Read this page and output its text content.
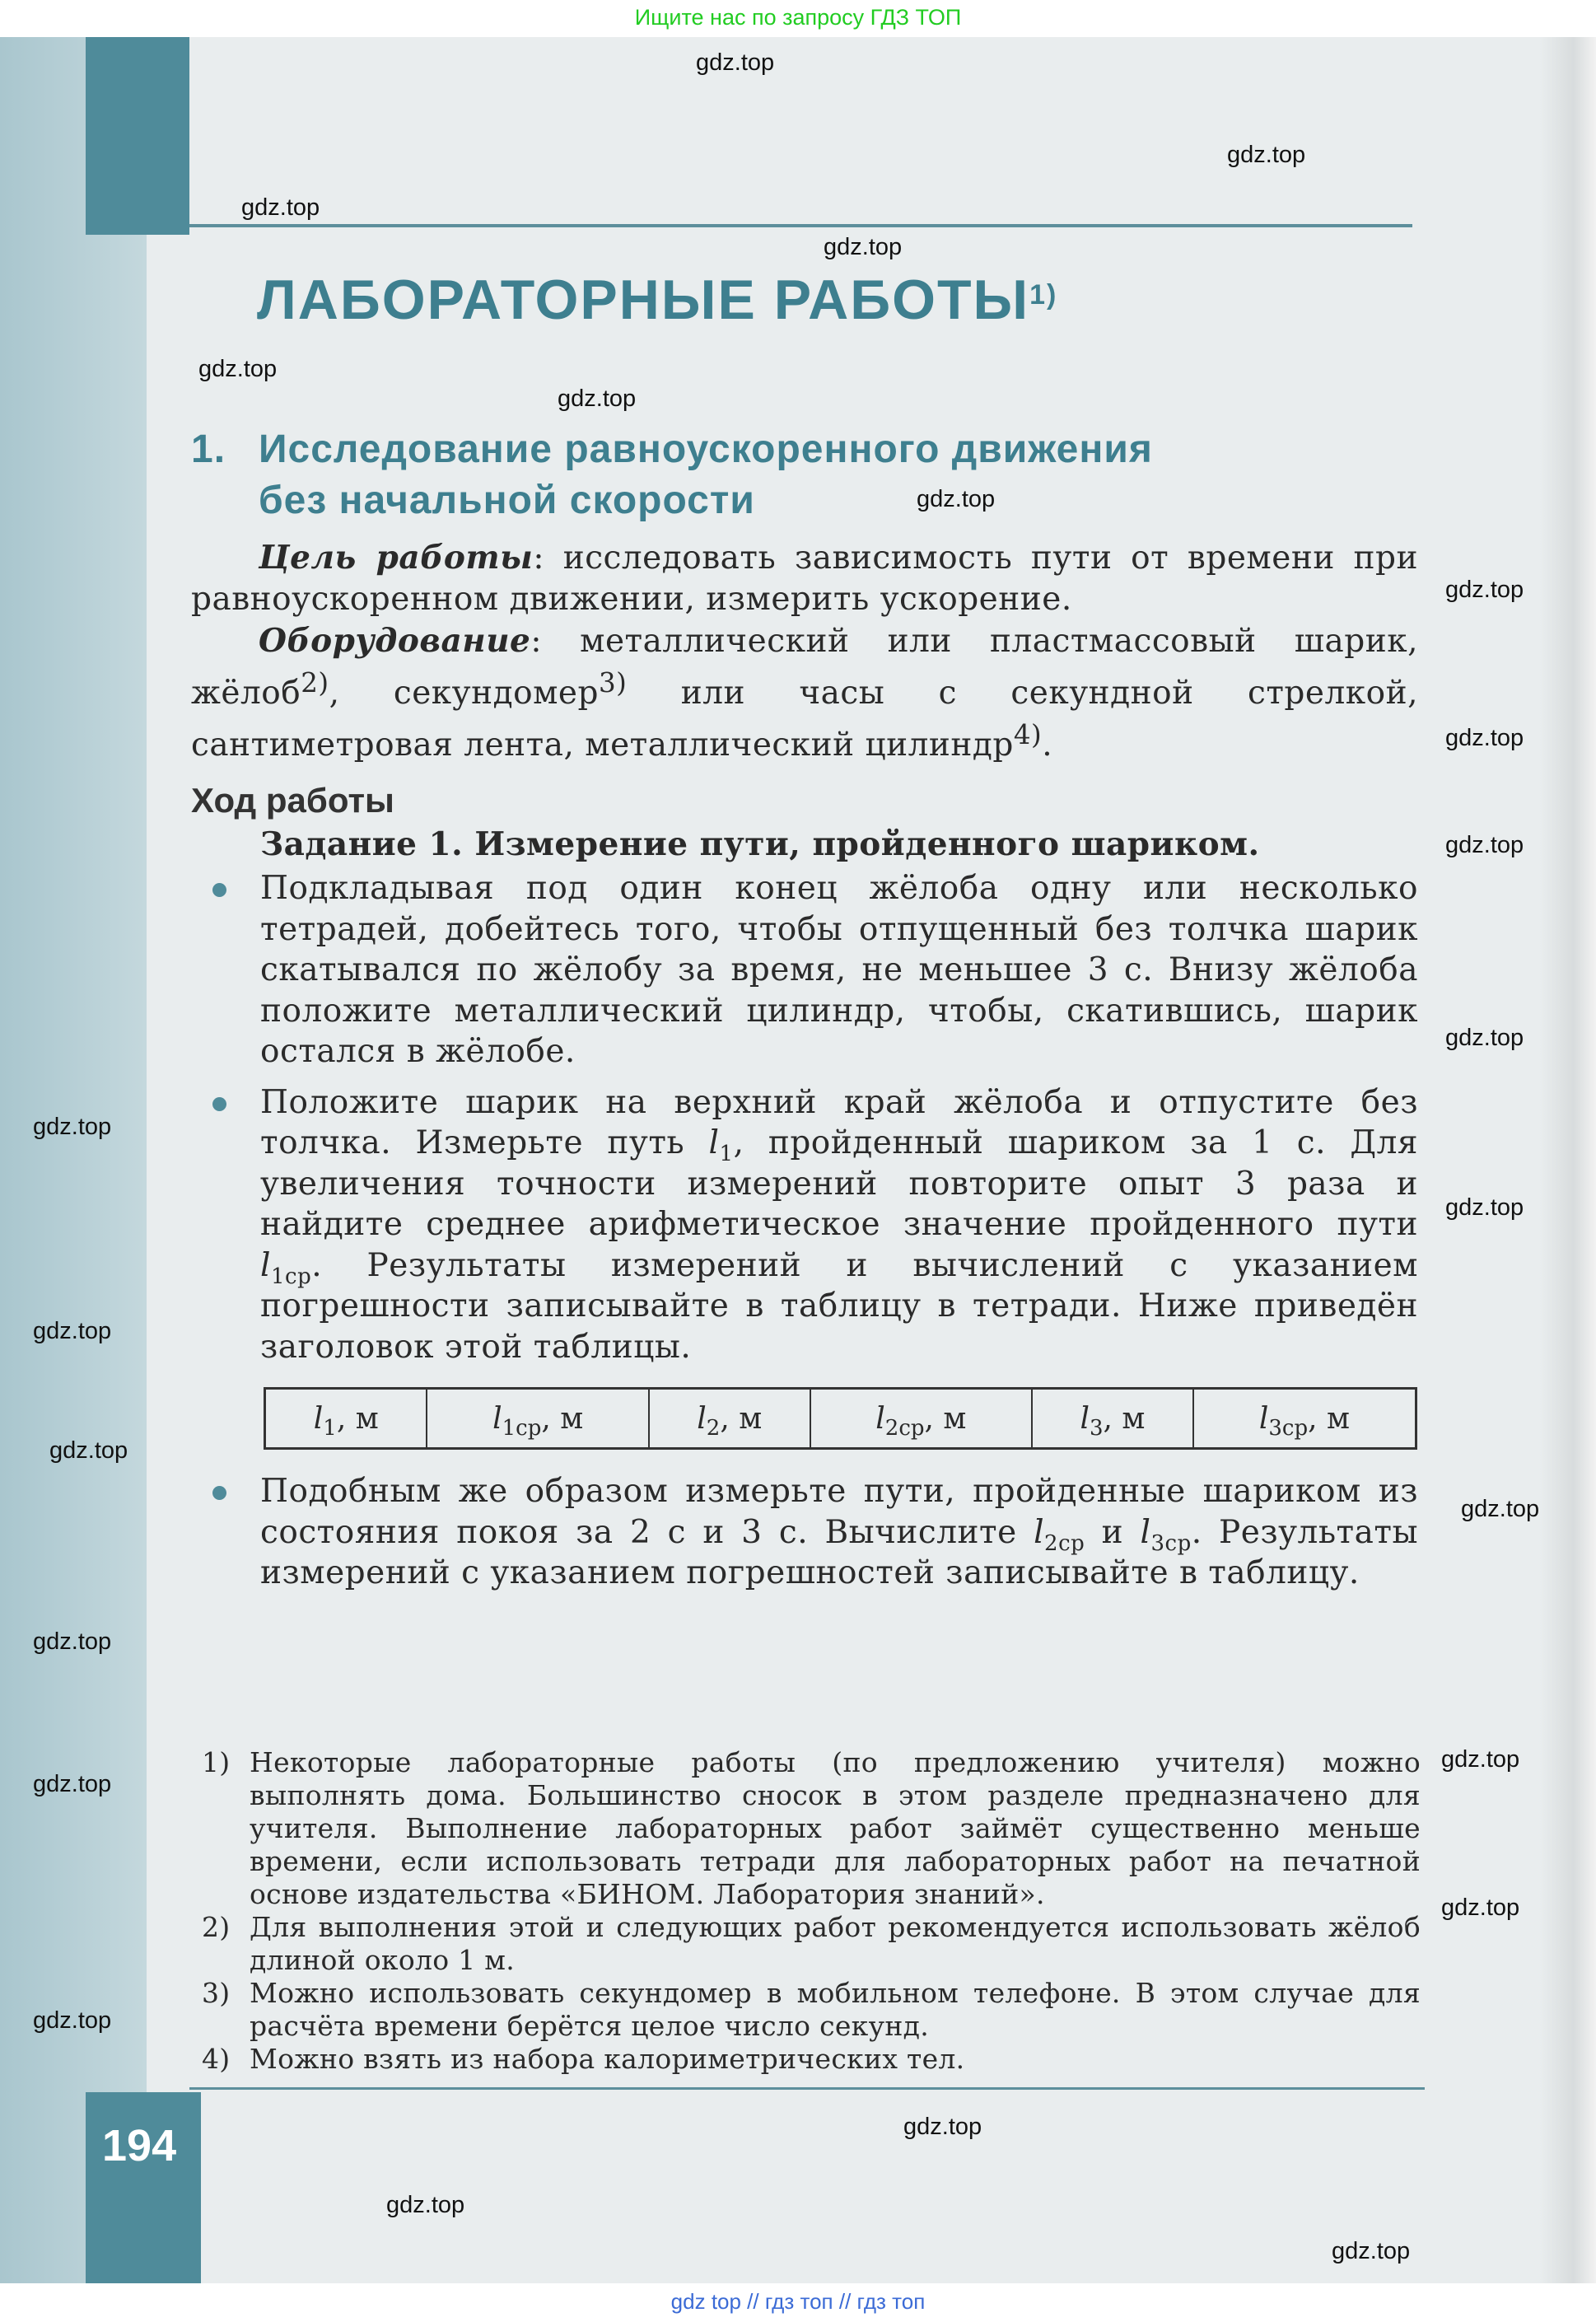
Ищите нас по запросу ГДЗ ТОП
ЛАБОРАТОРНЫЕ РАБОТЫ$^{1)}$
1. Исследование равноускоренного движения
без начальной скорости

Цель работы: исследовать зависимость пути от времени при равноускоренном движении, измерить ускорение.

Оборудование: металлический или пластмассовый шарик, жёлоб$^{2)}$, секундомер$^{3)}$ или часы с секундной стрелкой, сантиметровая лента, металлический цилиндр$^{4)}$.

Ход работы
Задание 1. Измерение пути, пройденного шариком.
Подкладывая под один конец жёлоба одну или несколько тетрадей, добейтесь того, чтобы отпущенный без толчка шарик скатывался по жёлобу за время, не меньшее 3 с. Внизу жёлоба положите металлический цилиндр, чтобы, скатившись, шарик остался в жёлобе.
Положите шарик на верхний край жёлоба и отпустите без толчка. Измерьте путь $l_1$, пройденный шариком за 1 с. Для увеличения точности измерений повторите опыт 3 раза и найдите среднее арифметическое значение пройденного пути $l_{1ср}$. Результаты измерений и вычислений с указанием погрешности записывайте в таблицу в тетради. Ниже приведён заголовок этой таблицы.
$l_1$, м	$l_{1ср}$, м	$l_2$, м	$l_{2ср}$, м	$l_3$, м	$l_{3ср}$, м
Подобным же образом измерьте пути, пройденные шариком из состояния покоя за 2 с и 3 с. Вычислите $l_{2ср}$ и $l_{3ср}$. Результаты измерений с указанием погрешностей записывайте в таблицу.
1) Некоторые лабораторные работы (по предложению учителя) можно выполнять дома. Большинство сносок в этом разделе предназначено для учителя. Выполнение лабораторных работ займёт существенно меньше времени, если использовать тетради для лабораторных работ на печатной основе издательства «БИНОМ. Лаборатория знаний».
2) Для выполнения этой и следующих работ рекомендуется использовать жёлоб длиной около 1 м.
3) Можно использовать секундомер в мобильном телефоне. В этом случае для расчёта времени берётся целое число секунд.
4) Можно взять из набора калориметрических тел.
194
gdz.top
gdz.top
gdz.top
gdz.top
gdz.top
gdz.top
gdz.top
gdz.top
gdz.top
gdz.top
gdz.top
gdz.top
gdz.top
gdz.top
gdz.top
gdz.top
gdz.top
gdz.top
gdz.top
gdz.top
gdz.top
gdz.top
gdz.top
gdz.top
gdz top // гдз топ // гдз топ
